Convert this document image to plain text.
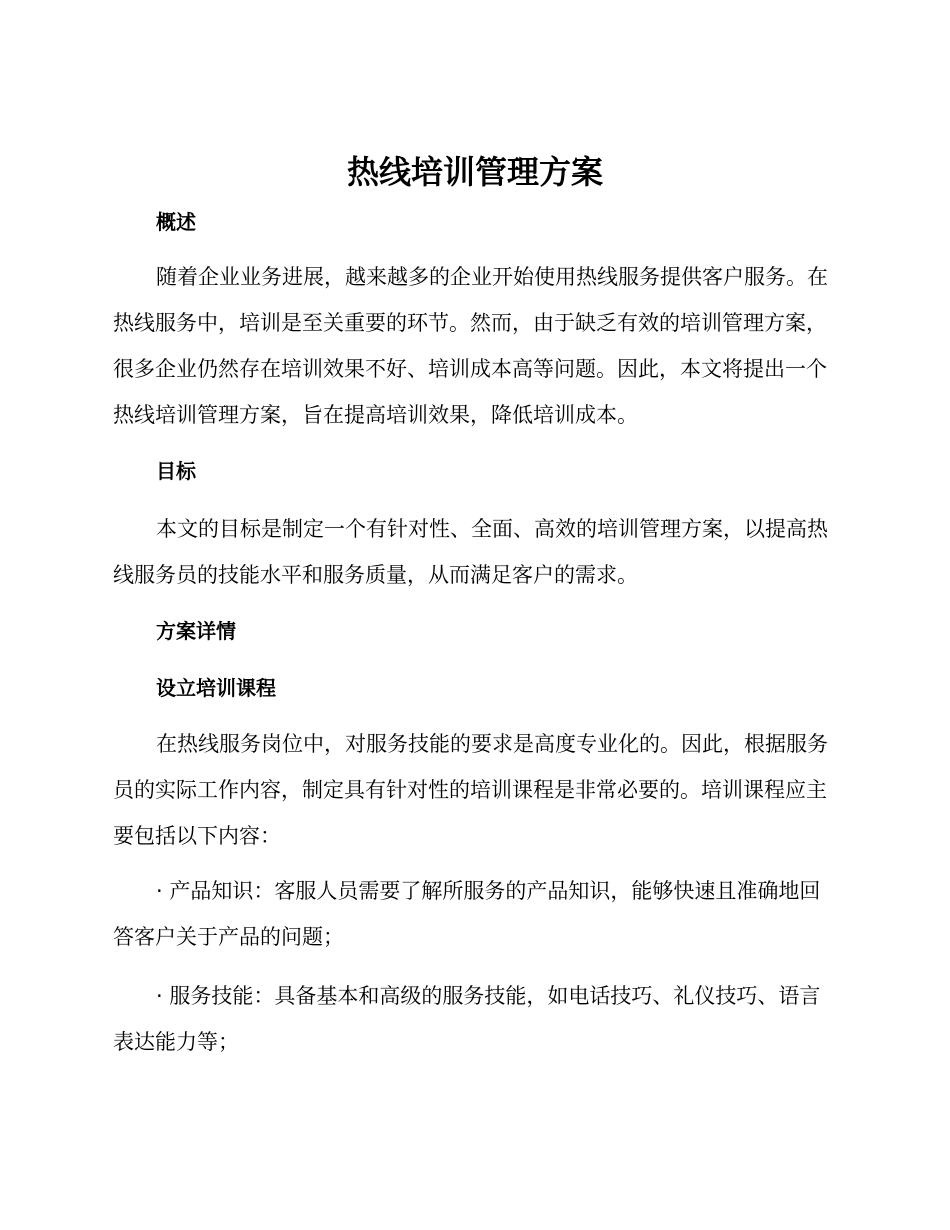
热线培训管理方案
概述

随着企业业务进展，越来越多的企业开始使用热线服务提供客户服务。在热线服务中，培训是至关重要的环节。然而，由于缺乏有效的培训管理方案，很多企业仍然存在培训效果不好、培训成本高等问题。因此，本文将提出一个热线培训管理方案，旨在提高培训效果，降低培训成本。

目标

本文的目标是制定一个有针对性、全面、高效的培训管理方案，以提高热线服务员的技能水平和服务质量，从而满足客户的需求。

方案详情
设立培训课程

在热线服务岗位中，对服务技能的要求是高度专业化的。因此，根据服务员的实际工作内容，制定具有针对性的培训课程是非常必要的。培训课程应主要包括以下内容：

· 产品知识：客服人员需要了解所服务的产品知识，能够快速且准确地回答客户关于产品的问题；

· 服务技能：具备基本和高级的服务技能，如电话技巧、礼仪技巧、语言表达能力等；
